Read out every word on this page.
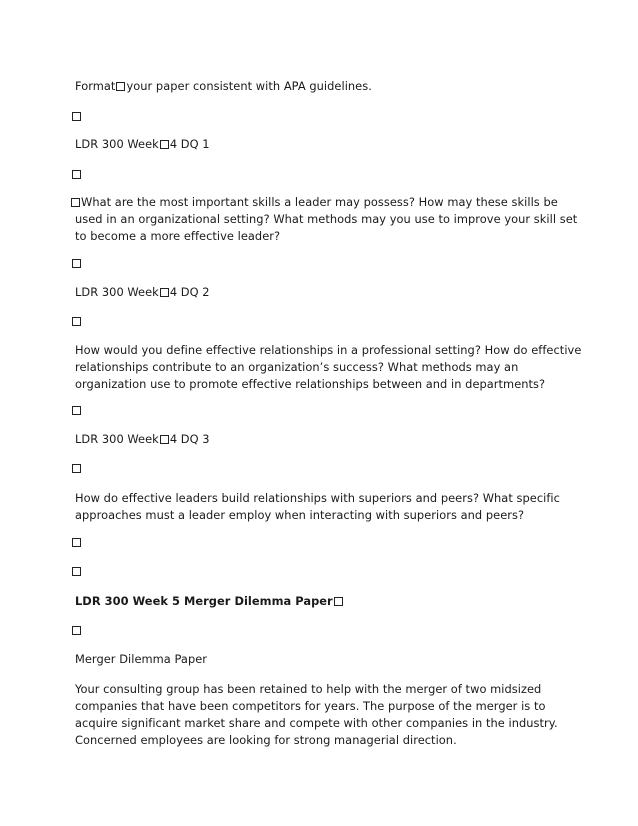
Format your paper consistent with APA guidelines.
LDR 300 Week 4 DQ 1
What are the most important skills a leader may possess? How may these skills be
used in an organizational setting? What methods may you use to improve your skill set
to become a more effective leader?
LDR 300 Week 4 DQ 2
How would you define effective relationships in a professional setting? How do effective
relationships contribute to an organization’s success? What methods may an
organization use to promote effective relationships between and in departments?
LDR 300 Week 4 DQ 3
How do effective leaders build relationships with superiors and peers? What specific
approaches must a leader employ when interacting with superiors and peers?
LDR 300 Week 5 Merger Dilemma Paper
Merger Dilemma Paper
Your consulting group has been retained to help with the merger of two midsized
companies that have been competitors for years. The purpose of the merger is to
acquire significant market share and compete with other companies in the industry.
Concerned employees are looking for strong managerial direction.
